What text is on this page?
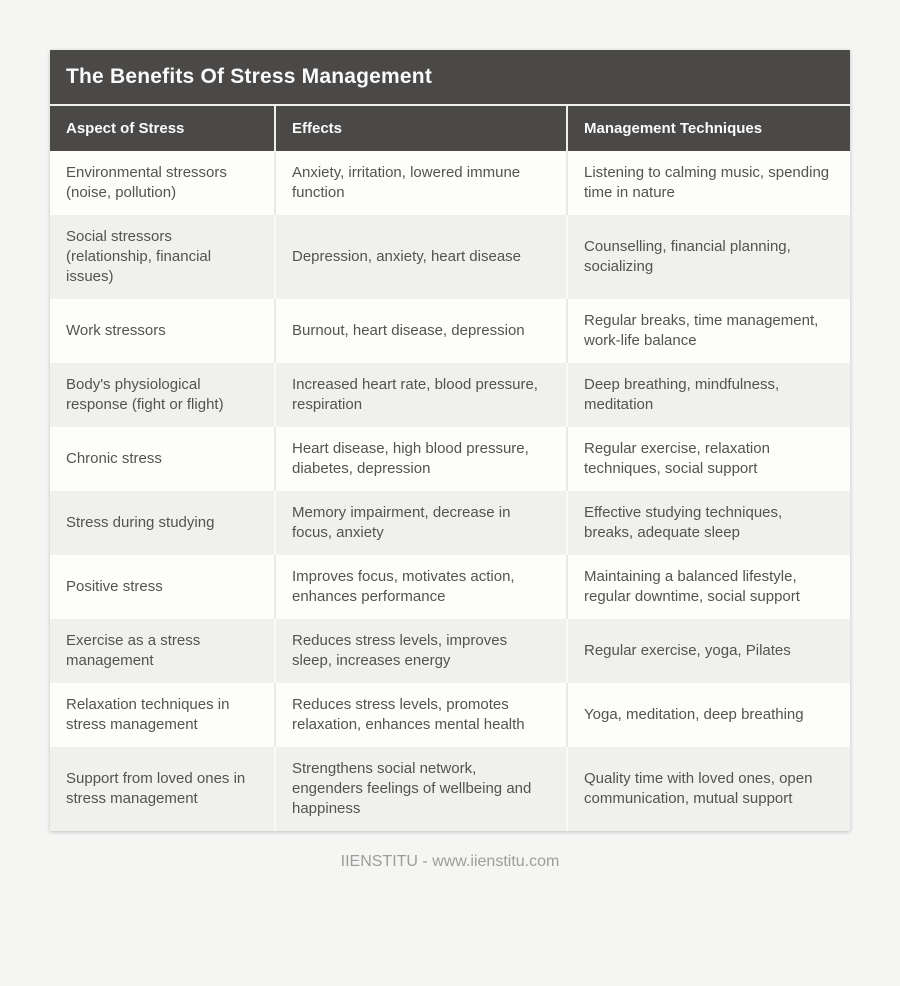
The Benefits Of Stress Management
Aspect of Stress	Effects	Management Techniques
Environmental stressors (noise, pollution)	Anxiety, irritation, lowered immune function	Listening to calming music, spending time in nature
Social stressors (relationship, financial issues)	Depression, anxiety, heart disease	Counselling, financial planning, socializing
Work stressors	Burnout, heart disease, depression	Regular breaks, time management, work-life balance
Body's physiological response (fight or flight)	Increased heart rate, blood pressure, respiration	Deep breathing, mindfulness, meditation
Chronic stress	Heart disease, high blood pressure, diabetes, depression	Regular exercise, relaxation techniques, social support
Stress during studying	Memory impairment, decrease in focus, anxiety	Effective studying techniques, breaks, adequate sleep
Positive stress	Improves focus, motivates action, enhances performance	Maintaining a balanced lifestyle, regular downtime, social support
Exercise as a stress management	Reduces stress levels, improves sleep, increases energy	Regular exercise, yoga, Pilates
Relaxation techniques in stress management	Reduces stress levels, promotes relaxation, enhances mental health	Yoga, meditation, deep breathing
Support from loved ones in stress management	Strengthens social network, engenders feelings of wellbeing and happiness	Quality time with loved ones, open communication, mutual support
IIENSTITU - www.iienstitu.com
